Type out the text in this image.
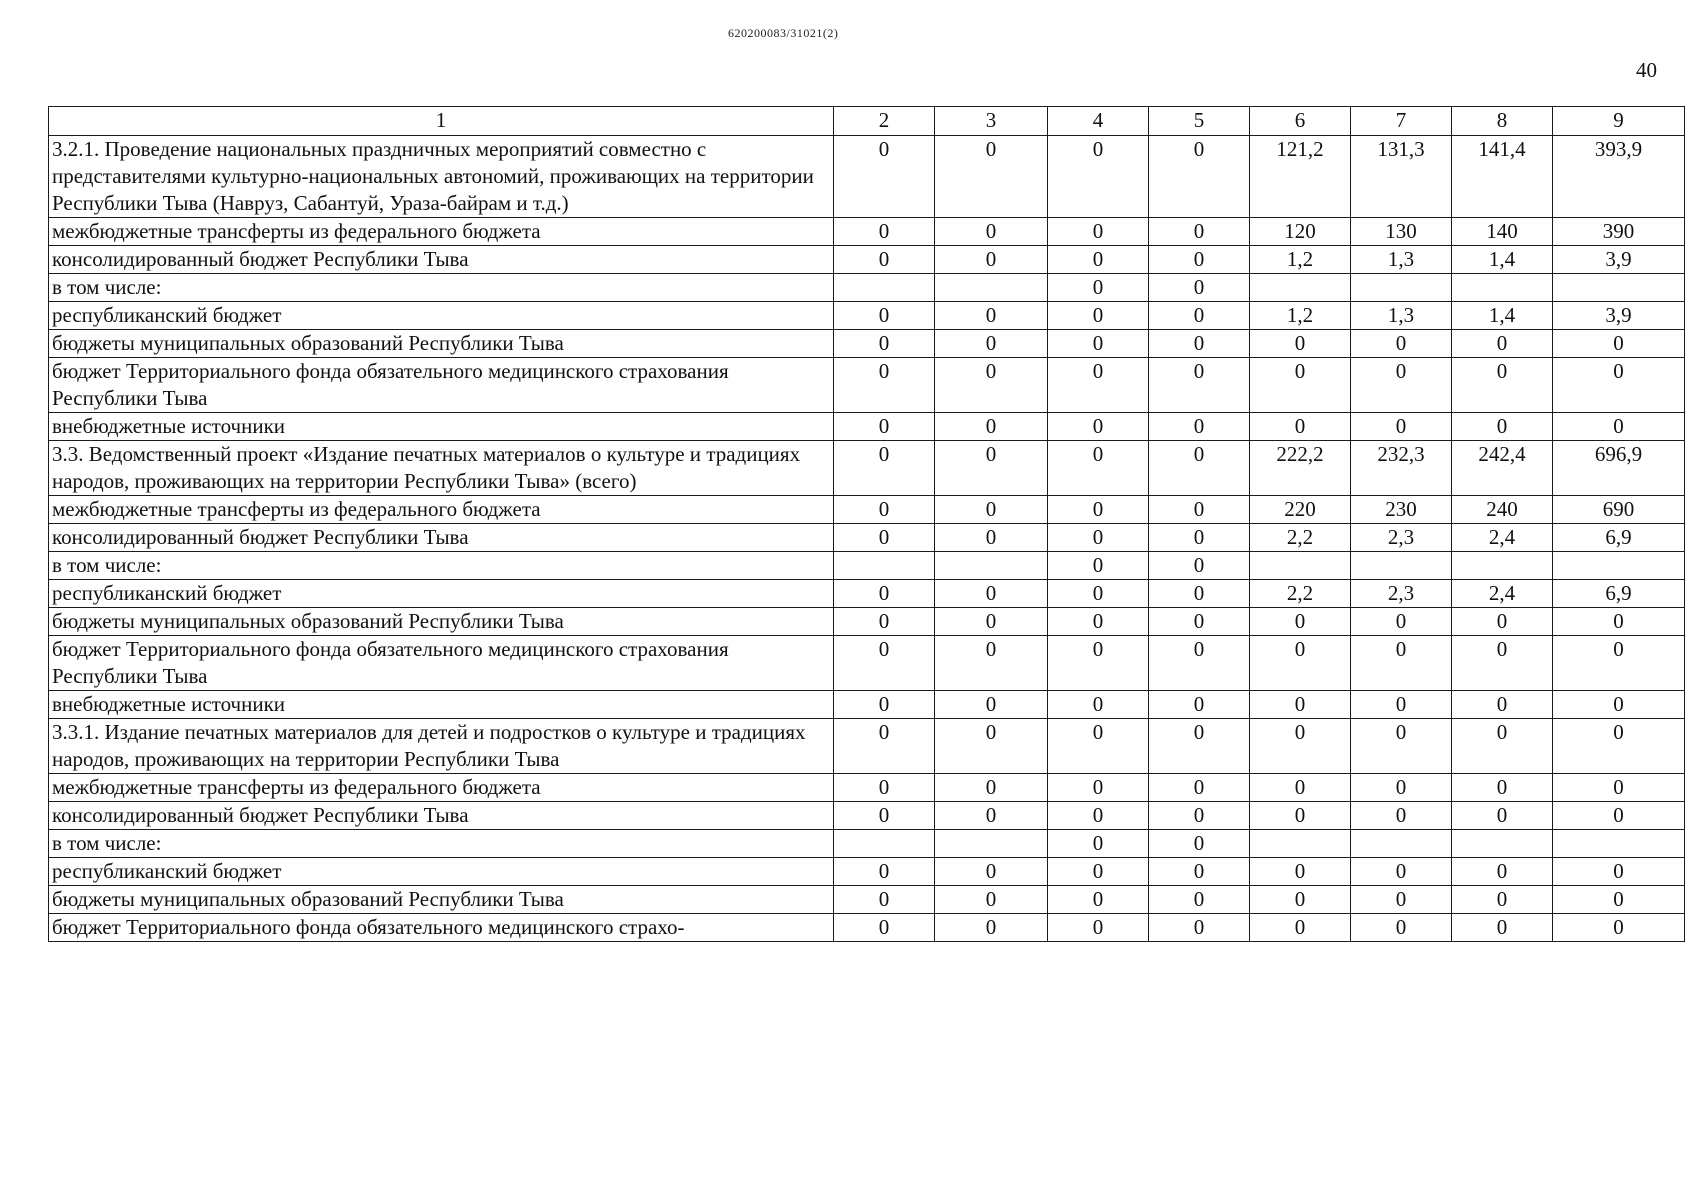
620200083/31021(2)
40
1	2	3	4	5	6	7	8	9
3.2.1. Проведение национальных праздничных мероприятий совместно с представителями культурно-национальных автономий, проживающих на территории Республики Тыва (Навруз, Сабантуй, Ураза-байрам и т.д.)	0	0	0	0	121,2	131,3	141,4	393,9
межбюджетные трансферты из федерального бюджета	0	0	0	0	120	130	140	390
консолидированный бюджет Республики Тыва	0	0	0	0	1,2	1,3	1,4	3,9
в том числе:			0	0				
республиканский бюджет	0	0	0	0	1,2	1,3	1,4	3,9
бюджеты муниципальных образований Республики Тыва	0	0	0	0	0	0	0	0
бюджет Территориального фонда обязательного медицинского страхования Республики Тыва	0	0	0	0	0	0	0	0
внебюджетные источники	0	0	0	0	0	0	0	0
3.3. Ведомственный проект «Издание печатных материалов о культуре и традициях народов, проживающих на территории Республики Тыва» (всего)	0	0	0	0	222,2	232,3	242,4	696,9
межбюджетные трансферты из федерального бюджета	0	0	0	0	220	230	240	690
консолидированный бюджет Республики Тыва	0	0	0	0	2,2	2,3	2,4	6,9
в том числе:			0	0				
республиканский бюджет	0	0	0	0	2,2	2,3	2,4	6,9
бюджеты муниципальных образований Республики Тыва	0	0	0	0	0	0	0	0
бюджет Территориального фонда обязательного медицинского страхования Республики Тыва	0	0	0	0	0	0	0	0
внебюджетные источники	0	0	0	0	0	0	0	0
3.3.1. Издание печатных материалов для детей и подростков о культуре и традициях народов, проживающих на территории Республики Тыва	0	0	0	0	0	0	0	0
межбюджетные трансферты из федерального бюджета	0	0	0	0	0	0	0	0
консолидированный бюджет Республики Тыва	0	0	0	0	0	0	0	0
в том числе:			0	0				
республиканский бюджет	0	0	0	0	0	0	0	0
бюджеты муниципальных образований Республики Тыва	0	0	0	0	0	0	0	0
бюджет Территориального фонда обязательного медицинского страхо-	0	0	0	0	0	0	0	0
